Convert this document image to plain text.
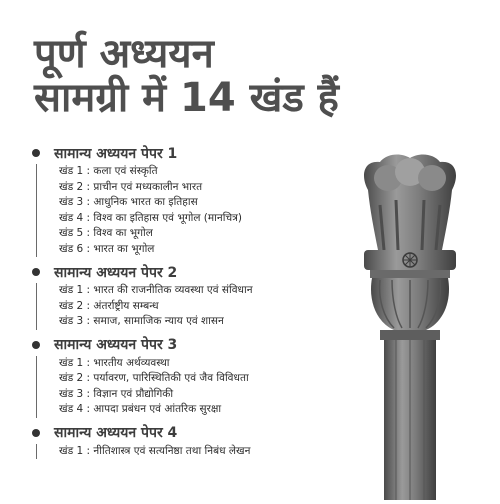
पूर्ण अध्ययन
सामग्री में 14 खंड हैं
सामान्य अध्ययन पेपर 1
खंड 1 : कला एवं संस्कृति
खंड 2 : प्राचीन एवं मध्यकालीन भारत
खंड 3 : आधुनिक भारत का इतिहास
खंड 4 : विश्व का इतिहास एवं भूगोल (मानचित्र)
खंड 5 : विश्व का भूगोल
खंड 6 : भारत का भूगोल
सामान्य अध्ययन पेपर 2
खंड 1 : भारत की राजनीतिक व्यवस्था एवं संविधान
खंड 2 : अंतर्राष्ट्रीय सम्बन्ध
खंड 3 : समाज, सामाजिक न्याय एवं शासन
सामान्य अध्ययन पेपर 3
खंड 1 : भारतीय अर्थव्यवस्था
खंड 2 : पर्यावरण, पारिस्थितिकी एवं जैव विविधता
खंड 3 : विज्ञान एवं प्रौद्योगिकी
खंड 4 : आपदा प्रबंधन एवं आंतरिक सुरक्षा
सामान्य अध्ययन पेपर 4
खंड 1 : नीतिशास्त्र एवं सत्यनिष्ठा तथा निबंध लेखन
